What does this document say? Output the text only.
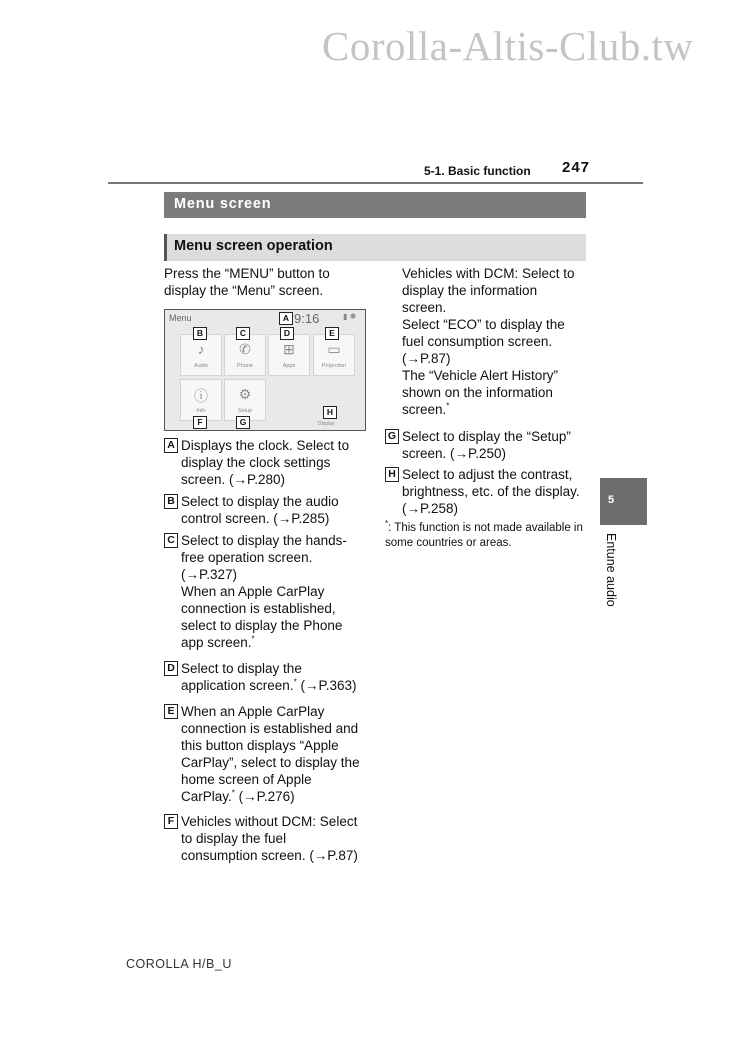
Corolla-Altis-Club.tw
5-1. Basic function 247
Menu screen
Menu screen operation
Press the “MENU” button to display the “Menu” screen.
Menu	9:16	▮ ✱
♪
Audio
✆
Phone
⊞
Apps
▭
Projection
ⓘ
Info
⚙
Setup
Display
A
B	C	D	E
F	G
H
A Displays the clock. Select to display the clock settings screen. (→P.280)
B Select to display the audio control screen. (→P.285)
C Select to display the hands-free operation screen. (→P.327)
When an Apple CarPlay connection is established, select to display the Phone app screen.*
D Select to display the application screen.* (→P.363)
E When an Apple CarPlay connection is established and this button displays “Apple CarPlay”, select to display the home screen of Apple CarPlay.* (→P.276)
F Vehicles without DCM: Select to display the fuel consumption screen. (→P.87)
Vehicles with DCM: Select to display the information screen.
Select “ECO” to display the fuel consumption screen. (→P.87)
The “Vehicle Alert History” shown on the information screen.*
G Select to display the “Setup” screen. (→P.250)
H Select to adjust the contrast, brightness, etc. of the display. (→P.258)
*: This function is not made available in some countries or areas.
5
Entune audio
COROLLA H/B_U
